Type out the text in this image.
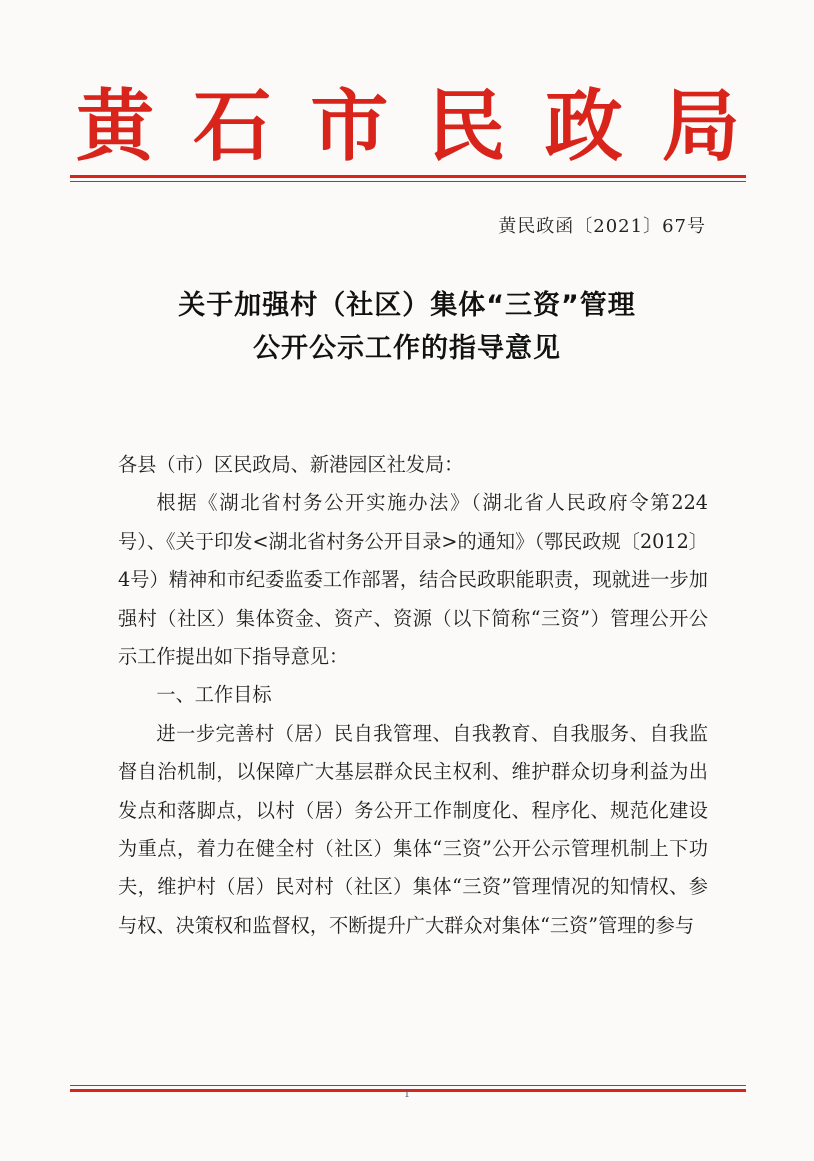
黄 石 市 民 政 局
黄民政函〔2021〕67号
关于加强村（社区）集体“三资”管理
公开公示工作的指导意见

各县（市）区民政局、新港园区社发局：

根据《湖北省村务公开实施办法》（湖北省人民政府令第224号）、《关于印发<湖北省村务公开目录>的通知》（鄂民政规〔2012〕4号）精神和市纪委监委工作部署，结合民政职能职责，现就进一步加强村（社区）集体资金、资产、资源（以下简称“三资”）管理公开公示工作提出如下指导意见：

一、工作目标

进一步完善村（居）民自我管理、自我教育、自我服务、自我监督自治机制，以保障广大基层群众民主权利、维护群众切身利益为出发点和落脚点，以村（居）务公开工作制度化、程序化、规范化建设为重点，着力在健全村（社区）集体“三资”公开公示管理机制上下功夫，维护村（居）民对村（社区）集体“三资”管理情况的知情权、参与权、决策权和监督权，不断提升广大群众对集体“三资”管理的参与

1
